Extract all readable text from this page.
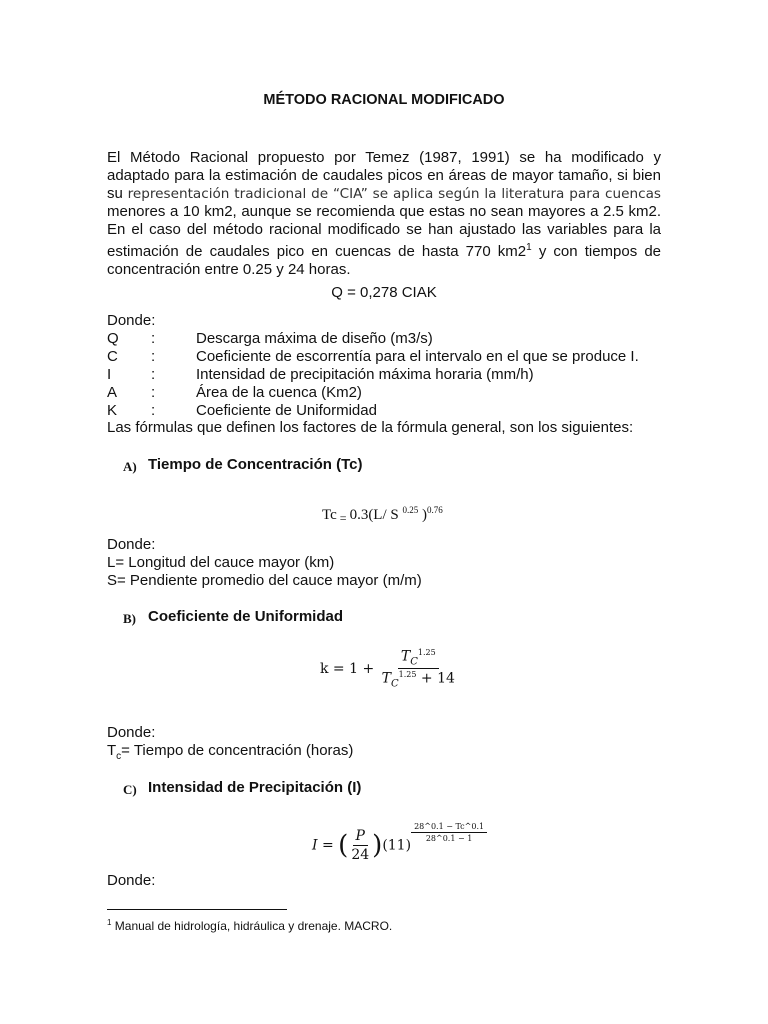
MÉTODO RACIONAL MODIFICADO

El Método Racional propuesto por Temez (1987, 1991) se ha modificado y adaptado para la estimación de caudales picos en áreas de mayor tamaño, si bien su representación tradicional de “CIA” se aplica según la literatura para cuencas menores a 10 km2, aunque se recomienda que estas no sean mayores a 2.5 km2. En el caso del método racional modificado se han ajustado las variables para la estimación de caudales pico en cuencas de hasta 770 $km2^1$ y con tiempos de concentración entre 0.25 y 24 horas.

Q = 0,278 CIAK
Donde:
Q :	Descarga máxima de diseño (m3/s)
C :	Coeficiente de escorrentía para el intervalo en el que se produce I.
I	:	Intensidad de precipitación máxima horaria (mm/h)
A :	Área de la cuenca (Km2)
K :	Coeficiente de Uniformidad
Las fórmulas que definen los factores de la fórmula general, son los siguientes:
A) Tiempo de Concentración (Tc)
Tc $_=$ 0.3(L/ S $^{0.25}$ )$^{0.76}$
Donde:
L= Longitud del cauce mayor (km)
S= Pendiente promedio del cauce mayor (m/m)
B) Coeficiente de Uniformidad
$k = 1 + \frac{T_C^{1.25}}{T_C^{1.25} + 14}$
Donde:
$T_c=$ Tiempo de concentración (horas)
C) Intensidad de Precipitación (I)
I = ( $\frac{P}{24} )(11)$
$\frac{28\^{}0.1 - Tc\^{}0.1}{28\^{}0.1 - 1}$
Donde:
$^1$ Manual de hidrología, hidráulica y drenaje. MACRO.
